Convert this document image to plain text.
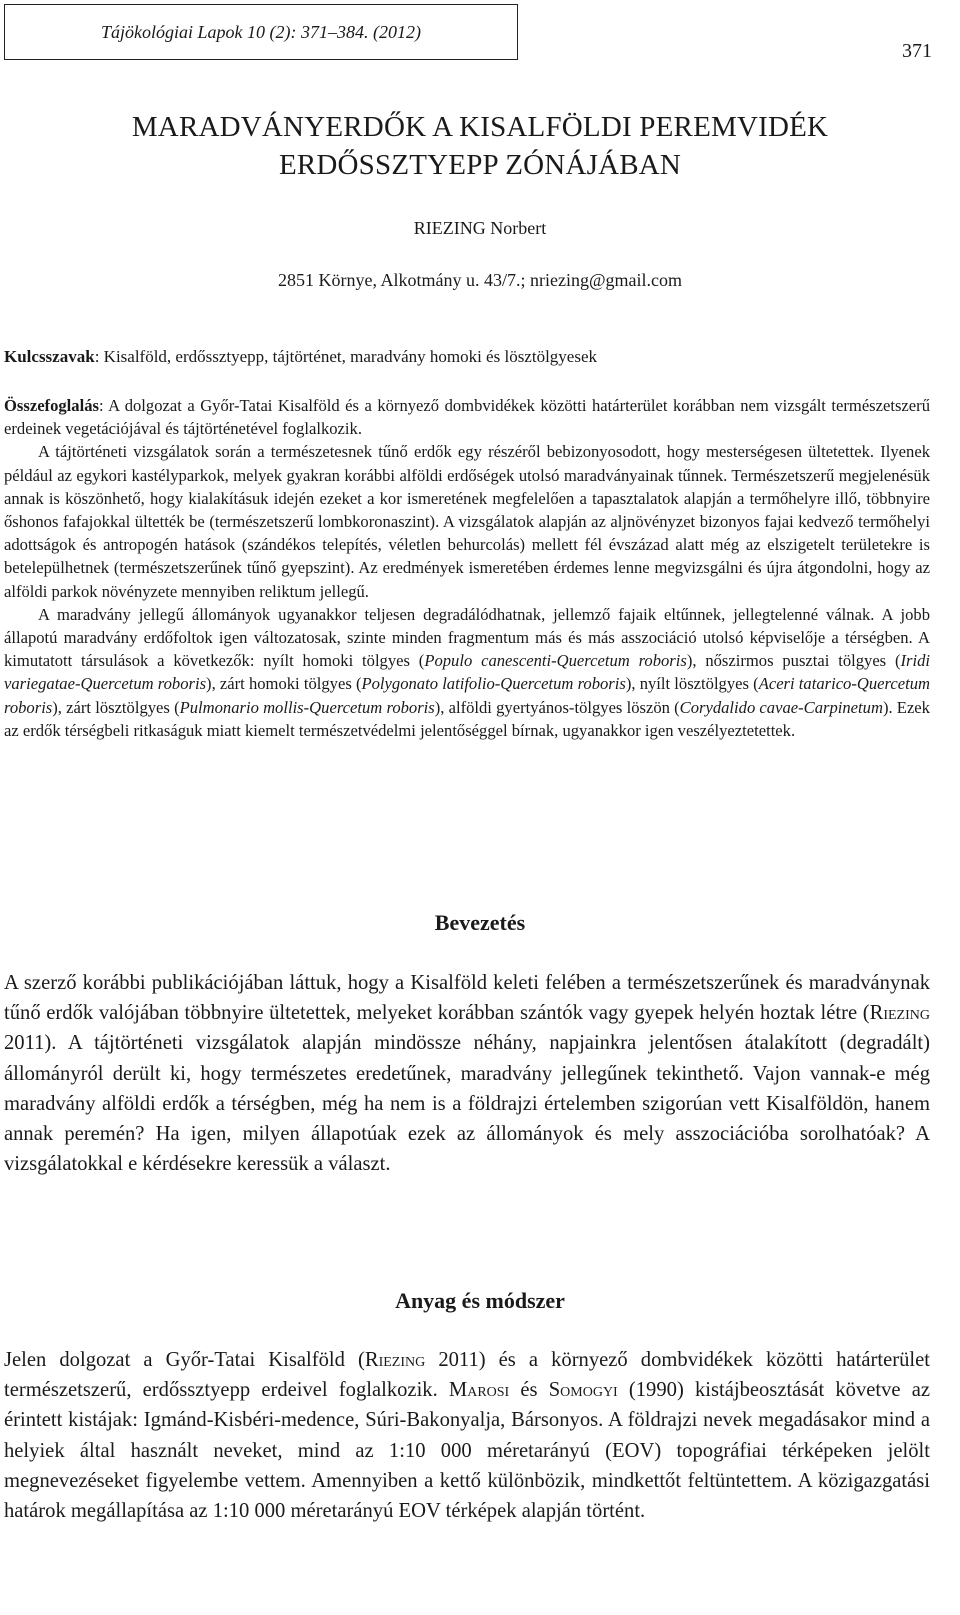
Tájökológiai Lapok 10 (2): 371–384. (2012)
371
MARADVÁNYERDŐK A KISALFÖLDI PEREMVIDÉK
ERDŐSSZTYEPP ZÓNÁJÁBAN
RIEZING Norbert
2851 Környe, Alkotmány u. 43/7.; nriezing@gmail.com
Kulcsszavak: Kisalföld, erdőssztyepp, tájtörténet, maradvány homoki és lösztölgyesek

Összefoglalás: A dolgozat a Győr-Tatai Kisalföld és a környező dombvidékek közötti határterület korábban nem vizsgált természetszerű erdeinek vegetációjával és tájtörténetével foglalkozik.

A tájtörténeti vizsgálatok során a természetesnek tűnő erdők egy részéről bebizonyosodott, hogy mesterségesen ültetettek. Ilyenek például az egykori kastélyparkok, melyek gyakran korábbi alföldi erdőségek utolsó maradványainak tűnnek. Természetszerű megjelenésük annak is köszönhető, hogy kialakításuk idején ezeket a kor ismeretének megfelelően a tapasztalatok alapján a termőhelyre illő, többnyire őshonos fafajokkal ültették be (természetszerű lombkoronaszint). A vizsgálatok alapján az aljnövényzet bizonyos fajai kedvező termőhelyi adottságok és antropogén hatások (szándékos telepítés, véletlen behurcolás) mellett fél évszázad alatt még az elszigetelt területekre is betelepülhetnek (természetszerűnek tűnő gyepszint). Az eredmények ismeretében érdemes lenne megvizsgálni és újra átgondolni, hogy az alföldi parkok növényzete mennyiben reliktum jellegű.

A maradvány jellegű állományok ugyanakkor teljesen degradálódhatnak, jellemző fajaik eltűnnek, jellegtelenné válnak. A jobb állapotú maradvány erdőfoltok igen változatosak, szinte minden fragmentum más és más asszociáció utolsó képviselője a térségben. A kimutatott társulások a következők: nyílt homoki tölgyes (Populo canescenti-Quercetum roboris), nőszirmos pusztai tölgyes (Iridi variegatae-Quercetum roboris), zárt homoki tölgyes (Polygonato latifolio-Quercetum roboris), nyílt lösztölgyes (Aceri tatarico-Quercetum roboris), zárt lösztölgyes (Pulmonario mollis-Quercetum roboris), alföldi gyertyános-tölgyes löszön (Corydalido cavae-Carpinetum). Ezek az erdők térségbeli ritkaságuk miatt kiemelt természetvédelmi jelentőséggel bírnak, ugyanakkor igen veszélyeztetettek.

Bevezetés

A szerző korábbi publikációjában láttuk, hogy a Kisalföld keleti felében a természetszerűnek és maradványnak tűnő erdők valójában többnyire ültetettek, melyeket korábban szántók vagy gyepek helyén hoztak létre (Riezing 2011). A tájtörténeti vizsgálatok alapján mindössze néhány, napjainkra jelentősen átalakított (degradált) állományról derült ki, hogy természetes eredetűnek, maradvány jellegűnek tekinthető. Vajon vannak-e még maradvány alföldi erdők a térségben, még ha nem is a földrajzi értelemben szigorúan vett Kisalföldön, hanem annak peremén? Ha igen, milyen állapotúak ezek az állományok és mely asszociációba sorolhatóak? A vizsgálatokkal e kérdésekre keressük a választ.

Anyag és módszer

Jelen dolgozat a Győr-Tatai Kisalföld (Riezing 2011) és a környező dombvidékek közötti határterület természetszerű, erdőssztyepp erdeivel foglalkozik. Marosi és Somogyi (1990) kistájbeosztását követve az érintett kistájak: Igmánd-Kisbéri-medence, Súri-Bakonyalja, Bársonyos. A földrajzi nevek megadásakor mind a helyiek által használt neveket, mind az 1:10 000 méretarányú (EOV) topográfiai térképeken jelölt megnevezéseket figyelembe vettem. Amennyiben a kettő különbözik, mindkettőt feltüntettem. A közigazgatási határok megállapítása az 1:10 000 méretarányú EOV térképek alapján történt.
